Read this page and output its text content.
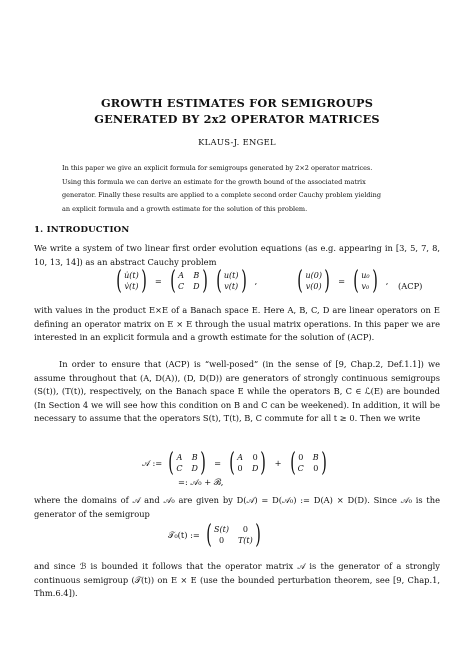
GROWTH ESTIMATES FOR SEMIGROUPS
GENERATED BY 2x2 OPERATOR MATRICES
KLAUS-J. ENGEL
In this paper we give an explicit formula for semigroups generated by 2×2 operator matrices.
Using this formula we can derive an estimate for the growth bound of the associated matrix
generator. Finally these results are applied to a complete second order Cauchy problem yielding
an explicit formula and a growth estimate for the solution of this problem.
1. INTRODUCTION

We write a system of two linear first order evolution equations (as e.g. appearing in [3, 5, 7, 8, 10, 13, 14]) as an abstract Cauchy problem

( u̇(t)
v̇(t) ) = ( A B
C D ) ( u(t)
v(t) ) , ( u(0)
v(0) ) = ( u₀
v₀ ) ,
(ACP)

with values in the product E×E of a Banach space E. Here A, B, C, D are linear operators on E defining an operator matrix on E × E through the usual matrix operations. In this paper we are interested in an explicit formula and a growth estimate for the solution of (ACP).

In order to ensure that (ACP) is “well-posed” (in the sense of [9, Chap.2, Def.1.1]) we assume throughout that (A, D(A)), (D, D(D)) are generators of strongly continuous semigroups (S(t)), (T(t)), respectively, on the Banach space E while the operators B, C ∈ ℒ(E) are bounded (In Section 4 we will see how this condition on B and C can be weekened). In addition, it will be necessary to assume that the operators S(t), T(t), B, C commute for all t ≥ 0. Then we write

𝒜 := ( A B
C D ) = ( A 0
0 D ) + ( 0 B
C 0 )
=: 𝒜₀ + ℬ,

where the domains of 𝒜 and 𝒜₀ are given by D(𝒜) = D(𝒜₀) := D(A) × D(D). Since 𝒜₀ is the generator of the semigroup

𝒯₀(t) := ( S(t)	0
0	T(t) )

and since ℬ is bounded it follows that the operator matrix 𝒜 is the generator of a strongly continuous semigroup (𝒯(t)) on E × E (use the bounded perturbation theorem, see [9, Chap.1, Thm.6.4]).
